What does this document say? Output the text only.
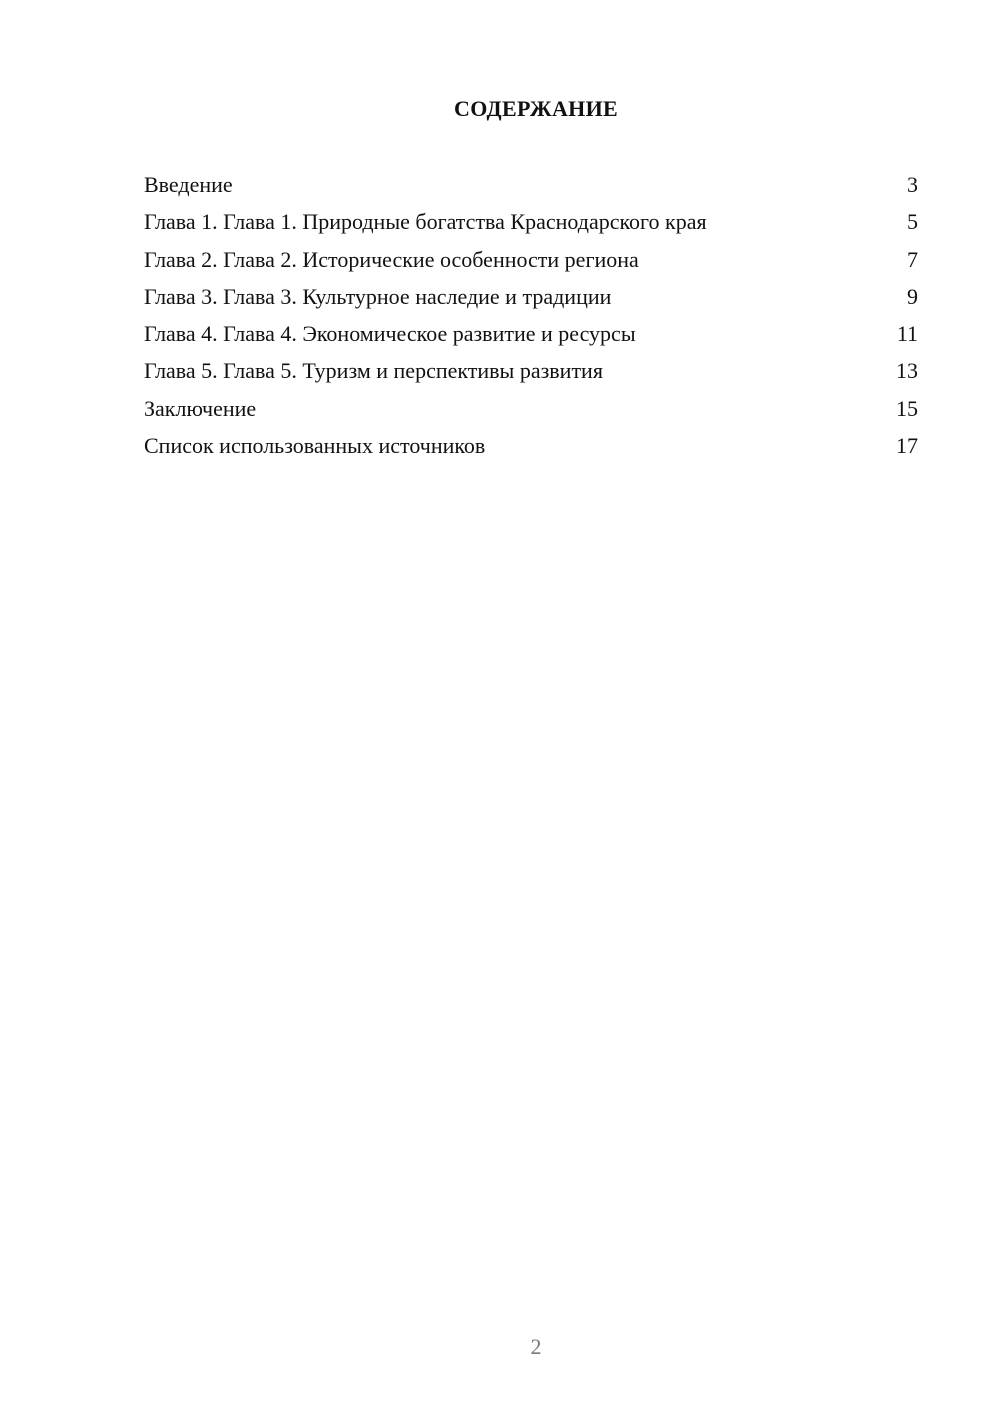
СОДЕРЖАНИЕ
Введение	3
Глава 1. Глава 1. Природные богатства Краснодарского края	5
Глава 2. Глава 2. Исторические особенности региона	7
Глава 3. Глава 3. Культурное наследие и традиции	9
Глава 4. Глава 4. Экономическое развитие и ресурсы	11
Глава 5. Глава 5. Туризм и перспективы развития	13
Заключение	15
Список использованных источников	17
2
